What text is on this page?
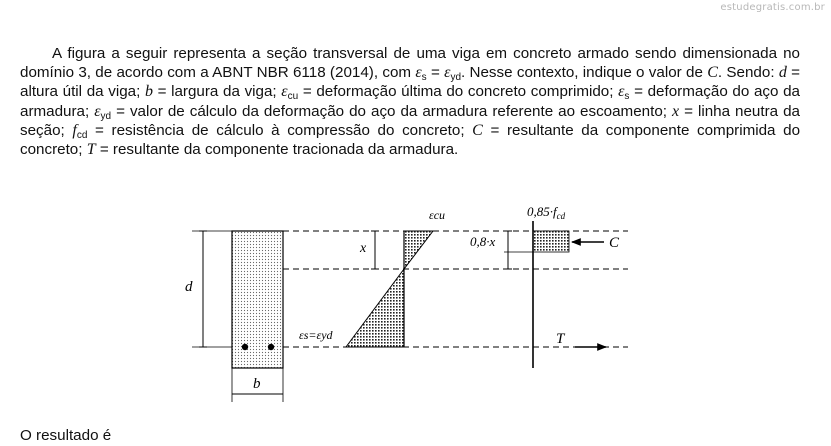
estudegratis.com.br

A figura a seguir representa a seção transversal de uma viga em concreto armado sendo dimensionada no domínio 3, de acordo com a ABNT NBR 6118 (2014), com $\varepsilon_s = \varepsilon_{yd}$. Nesse contexto, indique o valor de C. Sendo: d = altura útil da viga; b = largura da viga; $\varepsilon_{cu}$ = deformação última do concreto comprimido; $\varepsilon_s$ = deformação do aço da armadura; $\varepsilon_{yd}$ = valor de cálculo da deformação do aço da armadura referente ao escoamento; x = linha neutra da seção; $f_{cd}$ = resistência de cálculo à compressão do concreto; C = resultante da componente comprimida do concreto; T = resultante da componente tracionada da armadura.

d
b
x
εcu
εs=εyd
0,8·x
$0,85\cdot f_{cd}$
C
T
O resultado é
